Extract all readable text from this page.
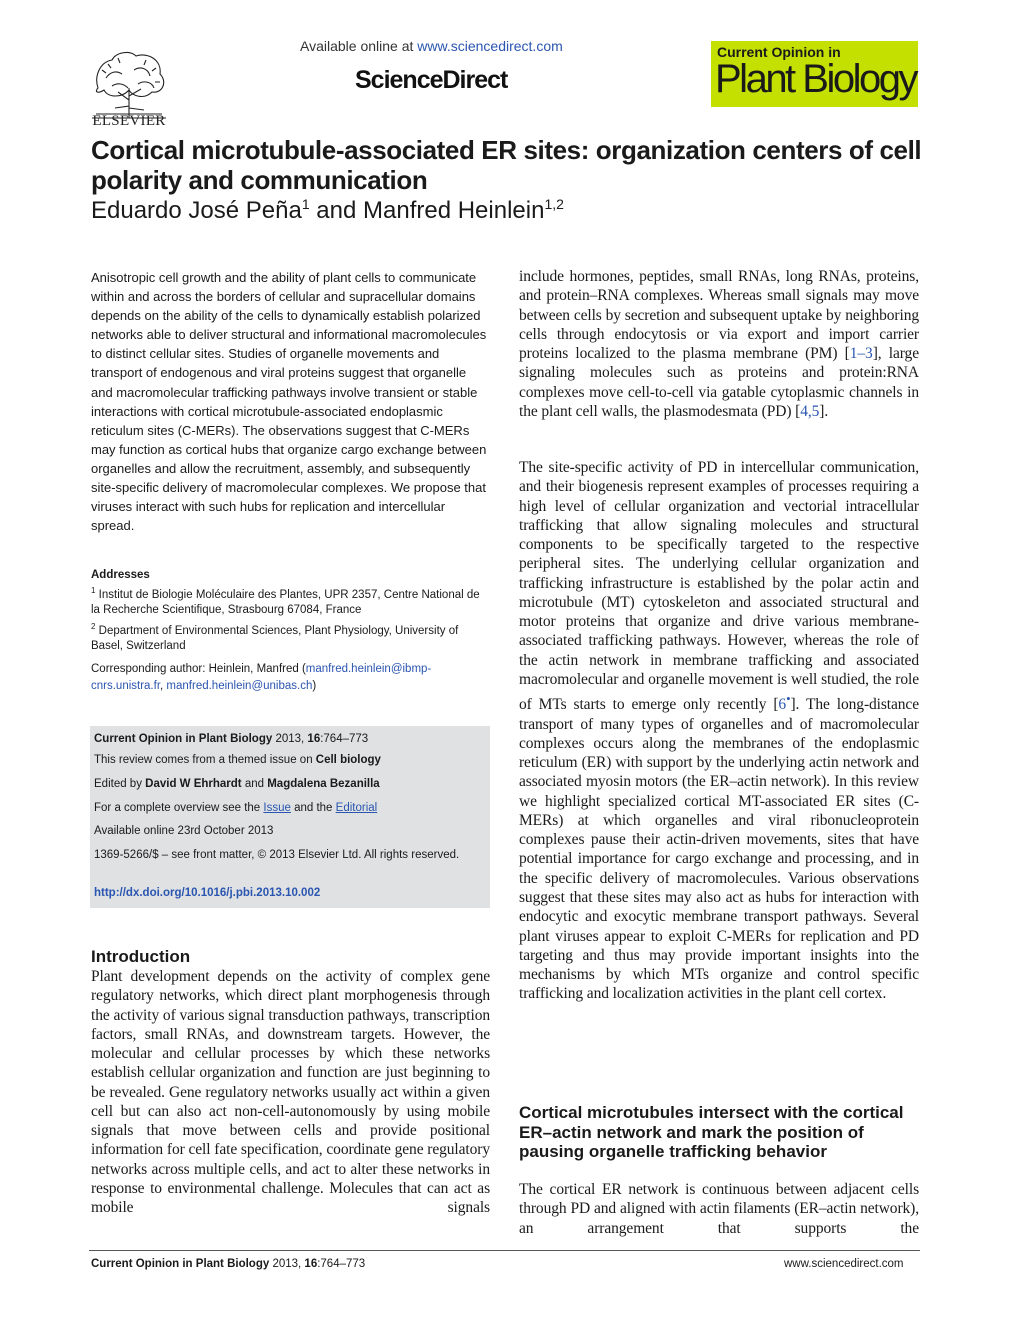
ELSEVIER
Available online at www.sciencedirect.com
ScienceDirect
Current Opinion in
Plant Biology
Cortical microtubule-associated ER sites: organization centers of cell polarity and communication
Eduardo José Peña$^1$ and Manfred Heinlein$^{1,2}$
Anisotropic cell growth and the ability of plant cells to communicate within and across the borders of cellular and supracellular domains depends on the ability of the cells to dynamically establish polarized networks able to deliver structural and informational macromolecules to distinct cellular sites. Studies of organelle movements and transport of endogenous and viral proteins suggest that organelle and macromolecular trafficking pathways involve transient or stable interactions with cortical microtubule-associated endoplasmic reticulum sites (C-MERs). The observations suggest that C-MERs may function as cortical hubs that organize cargo exchange between organelles and allow the recruitment, assembly, and subsequently site-specific delivery of macromolecular complexes. We propose that viruses interact with such hubs for replication and intercellular spread.
Addresses
$^1$ Institut de Biologie Moléculaire des Plantes, UPR 2357, Centre National de la Recherche Scientifique, Strasbourg 67084, France
$^2$ Department of Environmental Sciences, Plant Physiology, University of Basel, Switzerland
Corresponding author: Heinlein, Manfred (manfred.heinlein@ibmp-cnrs.unistra.fr, manfred.heinlein@unibas.ch)
Current Opinion in Plant Biology 2013, 16:764–773
This review comes from a themed issue on Cell biology
Edited by David W Ehrhardt and Magdalena Bezanilla
For a complete overview see the Issue and the Editorial
Available online 23rd October 2013
1369-5266/$ – see front matter, © 2013 Elsevier Ltd. All rights reserved.
http://dx.doi.org/10.1016/j.pbi.2013.10.002
Introduction
Plant development depends on the activity of complex gene regulatory networks, which direct plant morphogenesis through the activity of various signal transduction pathways, transcription factors, small RNAs, and downstream targets. However, the molecular and cellular processes by which these networks establish cellular organization and function are just beginning to be revealed. Gene regulatory networks usually act within a given cell but can also act non-cell-autonomously by using mobile signals that move between cells and provide positional information for cell fate specification, coordinate gene regulatory networks across multiple cells, and act to alter these networks in response to environmental challenge. Molecules that can act as mobile signals
include hormones, peptides, small RNAs, long RNAs, proteins, and protein–RNA complexes. Whereas small signals may move between cells by secretion and subsequent uptake by neighboring cells through endocytosis or via export and import carrier proteins localized to the plasma membrane (PM) [1–3], large signaling molecules such as proteins and protein:RNA complexes move cell-to-cell via gatable cytoplasmic channels in the plant cell walls, the plasmodesmata (PD) [4,5].
The site-specific activity of PD in intercellular communication, and their biogenesis represent examples of processes requiring a high level of cellular organization and vectorial intracellular trafficking that allow signaling molecules and structural components to be specifically targeted to the respective peripheral sites. The underlying cellular organization and trafficking infrastructure is established by the polar actin and microtubule (MT) cytoskeleton and associated structural and motor proteins that organize and drive various membrane-associated trafficking pathways. However, whereas the role of the actin network in membrane trafficking and associated macromolecular and organelle movement is well studied, the role of MTs starts to emerge only recently [6•]. The long-distance transport of many types of organelles and of macromolecular complexes occurs along the membranes of the endoplasmic reticulum (ER) with support by the underlying actin network and associated myosin motors (the ER–actin network). In this review we highlight specialized cortical MT-associated ER sites (C-MERs) at which organelles and viral ribonucleoprotein complexes pause their actin-driven movements, sites that have potential importance for cargo exchange and processing, and in the specific delivery of macromolecules. Various observations suggest that these sites may also act as hubs for interaction with endocytic and exocytic membrane transport pathways. Several plant viruses appear to exploit C-MERs for replication and PD targeting and thus may provide important insights into the mechanisms by which MTs organize and control specific trafficking and localization activities in the plant cell cortex.
Cortical microtubules intersect with the cortical ER–actin network and mark the position of pausing organelle trafficking behavior
The cortical ER network is continuous between adjacent cells through PD and aligned with actin filaments (ER–actin network), an arrangement that supports the
Current Opinion in Plant Biology 2013, 16:764–773	www.sciencedirect.com
